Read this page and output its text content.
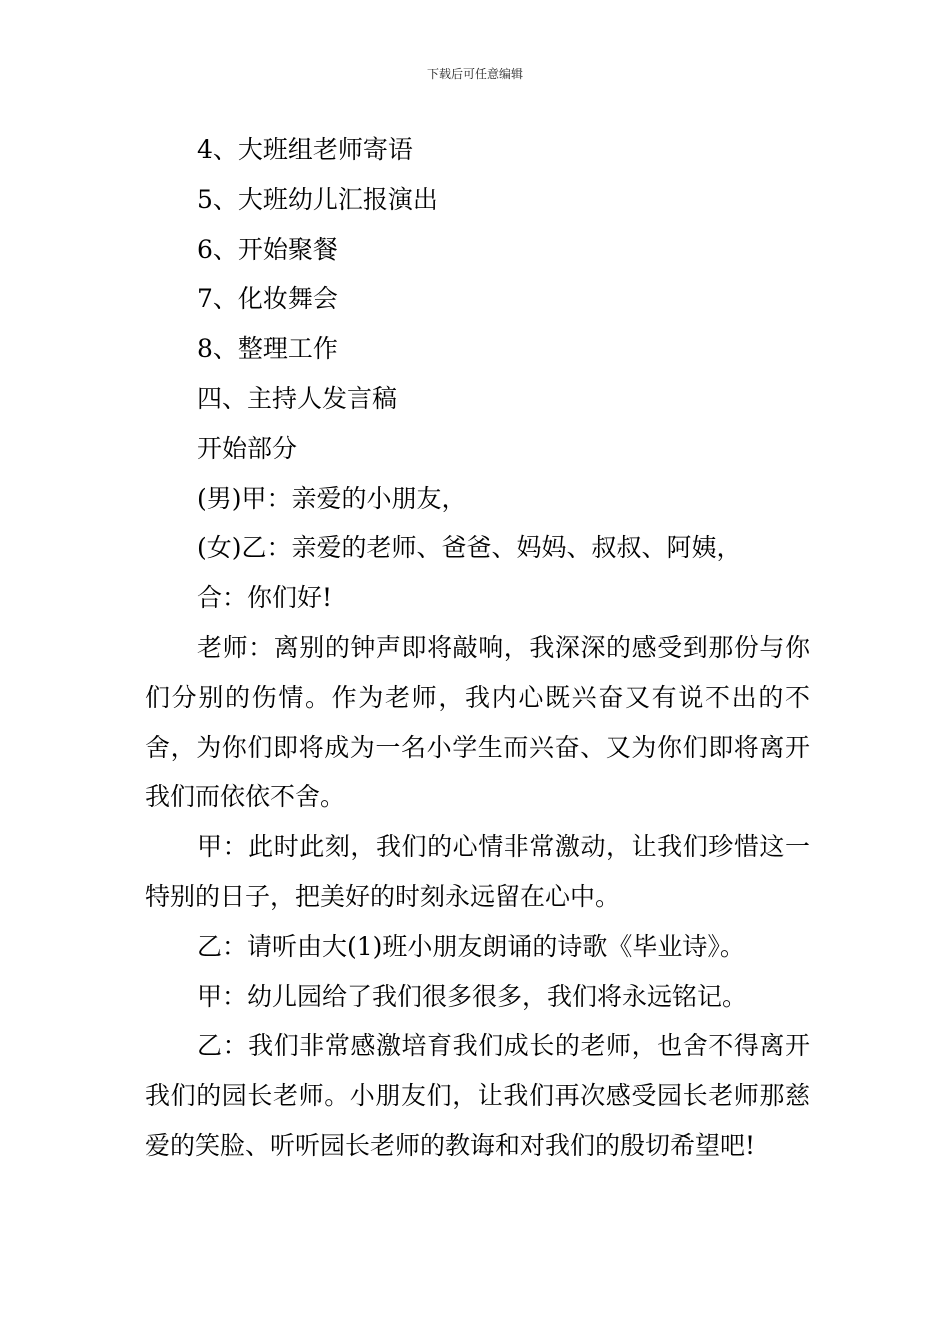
下载后可任意编辑

4、大班组老师寄语

5、大班幼儿汇报演出

6、开始聚餐

7、化妆舞会

8、整理工作

四、主持人发言稿

开始部分

(男)甲：亲爱的小朋友，

(女)乙：亲爱的老师、爸爸、妈妈、叔叔、阿姨，

合：你们好!

老师：离别的钟声即将敲响，我深深的感受到那份与你们分别的伤情。作为老师，我内心既兴奋又有说不出的不舍，为你们即将成为一名小学生而兴奋、又为你们即将离开我们而依依不舍。

甲：此时此刻，我们的心情非常激动，让我们珍惜这一特别的日子，把美好的时刻永远留在心中。

乙：请听由大(1)班小朋友朗诵的诗歌《毕业诗》。

甲：幼儿园给了我们很多很多，我们将永远铭记。

乙：我们非常感激培育我们成长的老师，也舍不得离开我们的园长老师。小朋友们，让我们再次感受园长老师那慈爱的笑脸、听听园长老师的教诲和对我们的殷切希望吧!
